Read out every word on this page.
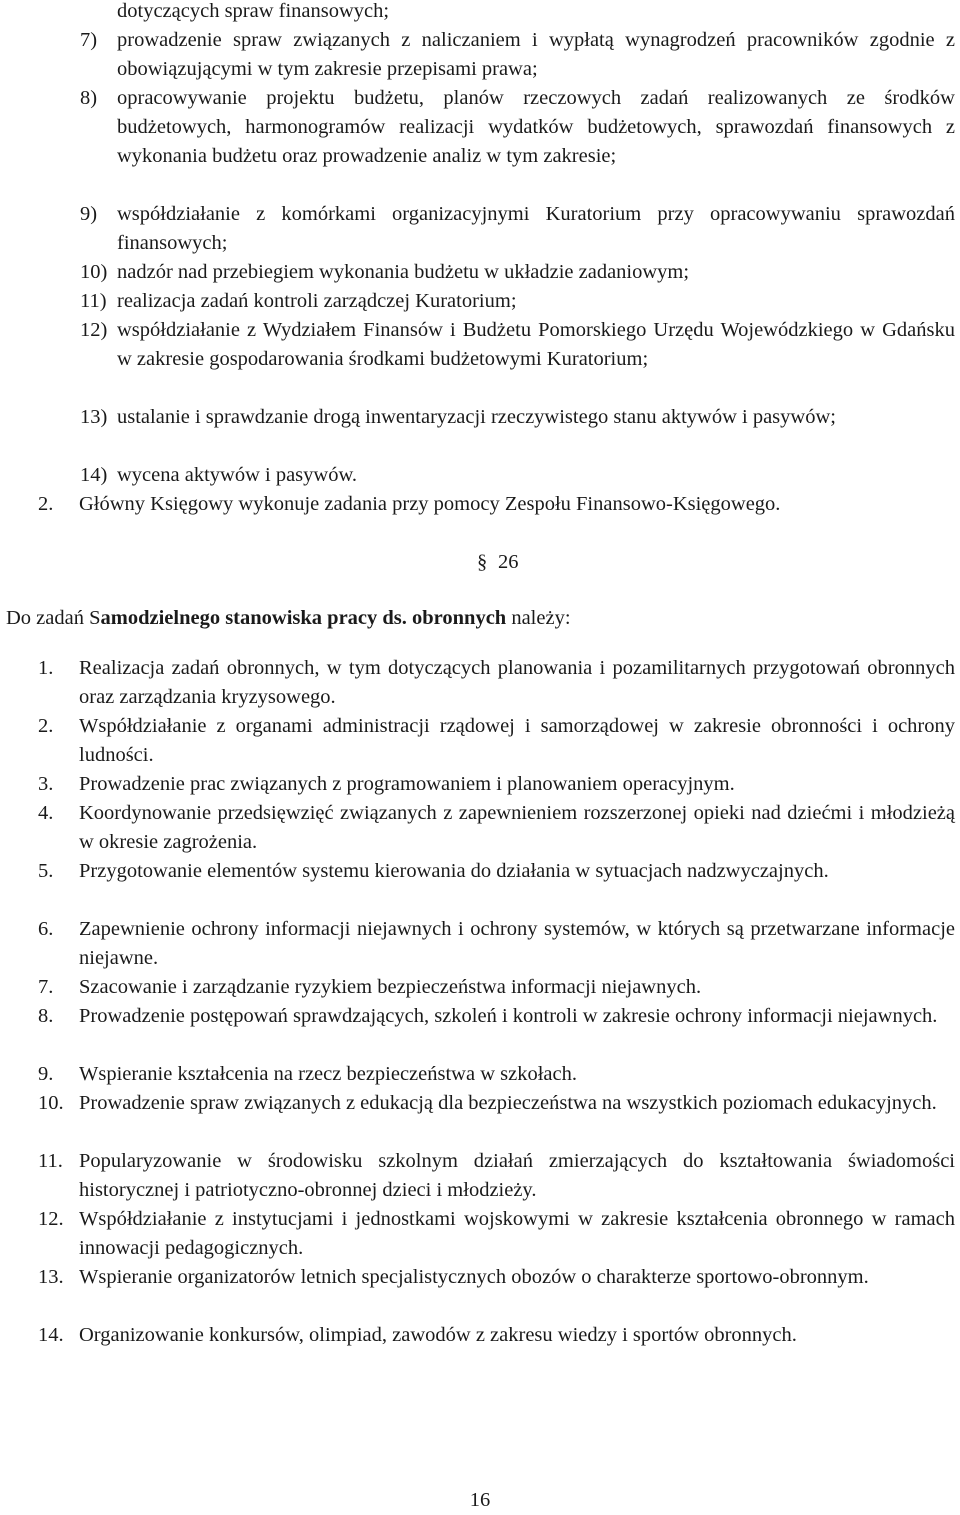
dotyczących spraw finansowych;
7) prowadzenie spraw związanych z naliczaniem i wypłatą wynagrodzeń pracowników zgodnie z obowiązującymi w tym zakresie przepisami prawa;
8) opracowywanie projektu budżetu, planów rzeczowych zadań realizowanych ze środków budżetowych, harmonogramów realizacji wydatków budżetowych, sprawozdań finansowych z wykonania budżetu oraz prowadzenie analiz w tym zakresie;
9) współdziałanie z komórkami organizacyjnymi Kuratorium przy opracowywaniu sprawozdań finansowych;
10) nadzór nad przebiegiem wykonania budżetu w układzie zadaniowym;
11) realizacja zadań kontroli zarządczej Kuratorium;
12) współdziałanie z Wydziałem Finansów i Budżetu Pomorskiego Urzędu Wojewódzkiego w Gdańsku w zakresie gospodarowania środkami budżetowymi Kuratorium;
13) ustalanie i sprawdzanie drogą inwentaryzacji rzeczywistego stanu aktywów i pasywów;
14) wycena aktywów i pasywów.
2. Główny Księgowy wykonuje zadania przy pomocy Zespołu Finansowo-Księgowego.
§ 26
Do zadań Samodzielnego stanowiska pracy ds. obronnych należy:
1. Realizacja zadań obronnych, w tym dotyczących planowania i pozamilitarnych przygotowań obronnych oraz zarządzania kryzysowego.
2. Współdziałanie z organami administracji rządowej i samorządowej w zakresie obronności i ochrony ludności.
3. Prowadzenie prac związanych z programowaniem i planowaniem operacyjnym.
4. Koordynowanie przedsięwzięć związanych z zapewnieniem rozszerzonej opieki nad dziećmi i młodzieżą w okresie zagrożenia.
5. Przygotowanie elementów systemu kierowania do działania w sytuacjach nadzwyczajnych.
6. Zapewnienie ochrony informacji niejawnych i ochrony systemów, w których są przetwarzane informacje niejawne.
7. Szacowanie i zarządzanie ryzykiem bezpieczeństwa informacji niejawnych.
8. Prowadzenie postępowań sprawdzających, szkoleń i kontroli w zakresie ochrony informacji niejawnych.
9. Wspieranie kształcenia na rzecz bezpieczeństwa w szkołach.
10. Prowadzenie spraw związanych z edukacją dla bezpieczeństwa na wszystkich poziomach edukacyjnych.
11. Popularyzowanie w środowisku szkolnym działań zmierzających do kształtowania świadomości historycznej i patriotyczno-obronnej dzieci i młodzieży.
12. Współdziałanie z instytucjami i jednostkami wojskowymi w zakresie kształcenia obronnego w ramach innowacji pedagogicznych.
13. Wspieranie organizatorów letnich specjalistycznych obozów o charakterze sportowo-obronnym.
14. Organizowanie konkursów, olimpiad, zawodów z zakresu wiedzy i sportów obronnych.
16
